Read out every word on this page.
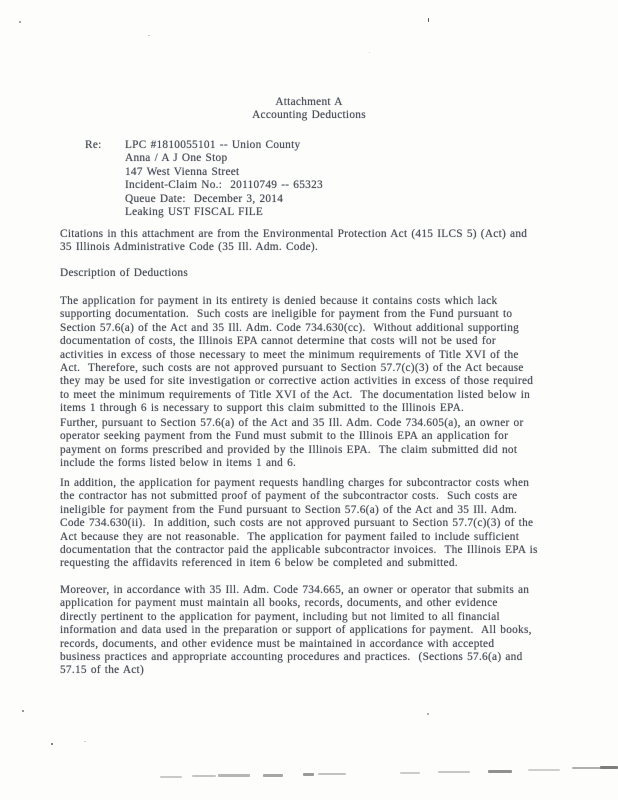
Attachment A
Accounting Deductions
Re: LPC #1810055101 -- Union County
Anna / A J One Stop
147 West Vienna Street
Incident-Claim No.:  20110749 -- 65323
Queue Date:  December 3, 2014
Leaking UST FISCAL FILE
Citations in this attachment are from the Environmental Protection Act (415 ILCS 5) (Act) and
35 Illinois Administrative Code (35 Ill. Adm. Code).
Description of Deductions
The application for payment in its entirety is denied because it contains costs which lack
supporting documentation.  Such costs are ineligible for payment from the Fund pursuant to
Section 57.6(a) of the Act and 35 Ill. Adm. Code 734.630(cc).  Without additional supporting
documentation of costs, the Illinois EPA cannot determine that costs will not be used for
activities in excess of those necessary to meet the minimum requirements of Title XVI of the
Act.  Therefore, such costs are not approved pursuant to Section 57.7(c)(3) of the Act because
they may be used for site investigation or corrective action activities in excess of those required
to meet the minimum requirements of Title XVI of the Act.  The documentation listed below in
items 1 through 6 is necessary to support this claim submitted to the Illinois EPA.
Further, pursuant to Section 57.6(a) of the Act and 35 Ill. Adm. Code 734.605(a), an owner or
operator seeking payment from the Fund must submit to the Illinois EPA an application for
payment on forms prescribed and provided by the Illinois EPA.  The claim submitted did not
include the forms listed below in items 1 and 6.
In addition, the application for payment requests handling charges for subcontractor costs when
the contractor has not submitted proof of payment of the subcontractor costs.  Such costs are
ineligible for payment from the Fund pursuant to Section 57.6(a) of the Act and 35 Ill. Adm.
Code 734.630(ii).  In addition, such costs are not approved pursuant to Section 57.7(c)(3) of the
Act because they are not reasonable.  The application for payment failed to include sufficient
documentation that the contractor paid the applicable subcontractor invoices.  The Illinois EPA is
requesting the affidavits referenced in item 6 below be completed and submitted.
Moreover, in accordance with 35 Ill. Adm. Code 734.665, an owner or operator that submits an
application for payment must maintain all books, records, documents, and other evidence
directly pertinent to the application for payment, including but not limited to all financial
information and data used in the preparation or support of applications for payment.  All books,
records, documents, and other evidence must be maintained in accordance with accepted
business practices and appropriate accounting procedures and practices.  (Sections 57.6(a) and
57.15 of the Act)
